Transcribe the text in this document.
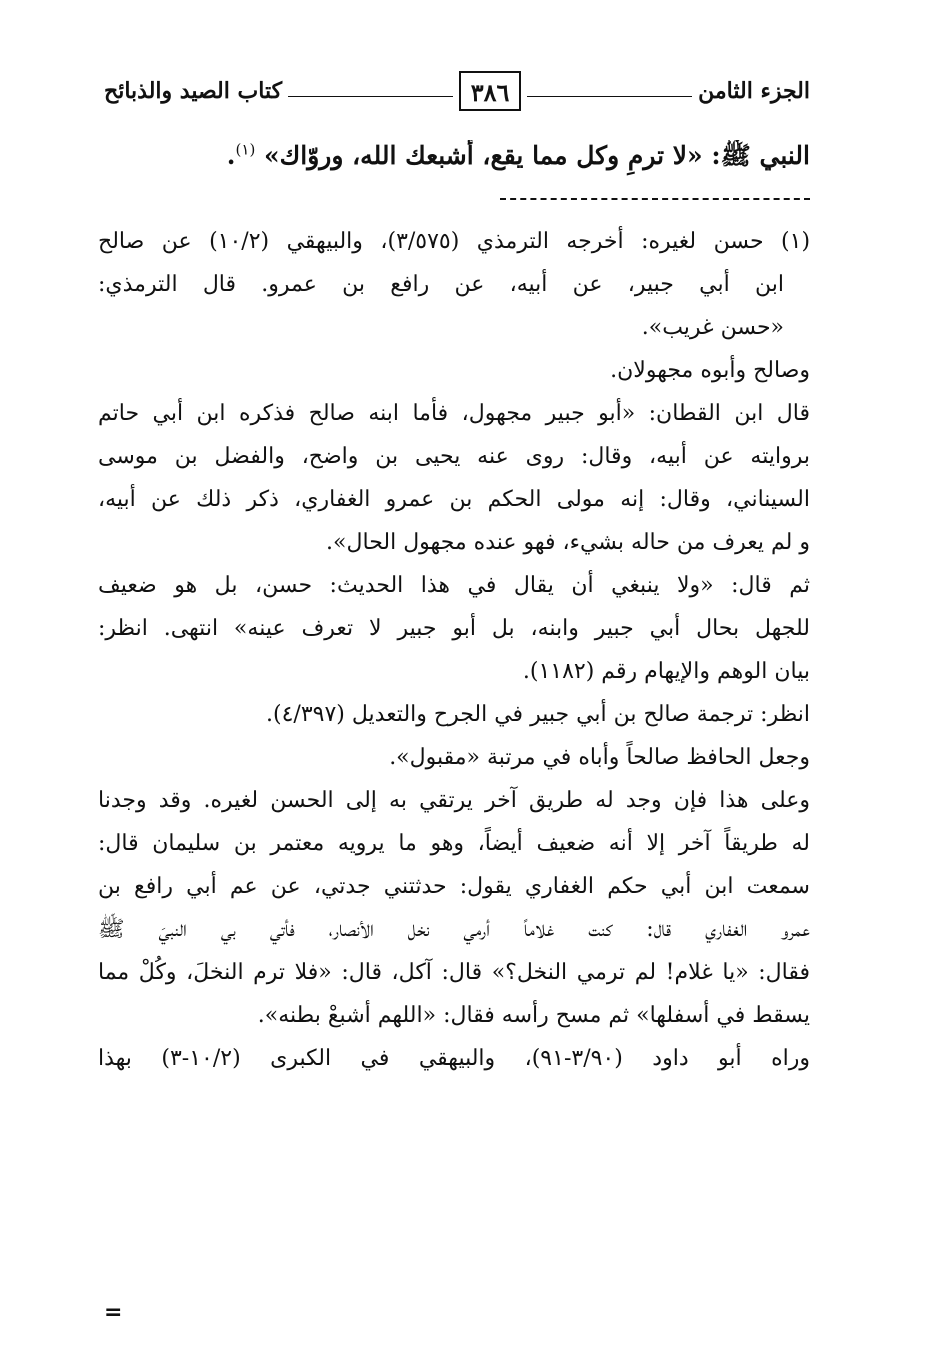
الجزء الثامن
٣٨٦
كتاب الصيد والذبائح
النبي ﷺ: «لا ترمِ وكل مما يقع، أشبعك الله، وروّاك» $^{(١)}$.
(١) حسن لغيره: أخرجه الترمذي (٣/٥٧٥)، والبيهقي (١٠/٢) عن صالح
ابن أبي جبير، عن أبيه، عن رافع بن عمرو. قال الترمذي:
«حسن غريب».
وصالح وأبوه مجهولان.
قال ابن القطان: «أبو جبير مجهول، فأما ابنه صالح فذكره ابن أبي حاتم
بروايته عن أبيه، وقال: روى عنه يحيى بن واضح، والفضل بن موسى
السيناني، وقال: إنه مولى الحكم بن عمرو الغفاري، ذكر ذلك عن أبيه،
و لم يعرف من حاله بشيء، فهو عنده مجهول الحال».
ثم قال: «ولا ينبغي أن يقال في هذا الحديث: حسن، بل هو ضعيف
للجهل بحال أبي جبير وابنه، بل أبو جبير لا تعرف عينه» انتهى. انظر:
بيان الوهم والإيهام رقم (١١٨٢).
انظر: ترجمة صالح بن أبي جبير في الجرح والتعديل (٤/٣٩٧).
وجعل الحافظ صالحاً وأباه في مرتبة «مقبول».
وعلى هذا فإن وجد له طريق آخر يرتقي به إلى الحسن لغيره. وقد وجدنا
له طريقاً آخر إلا أنه ضعيف أيضاً، وهو ما يرويه معتمر بن سليمان قال:
سمعت ابن أبي حكم الغفاري يقول: حدثتني جدتي، عن عم أبي رافع بن
عمرو الغفاري قال: كنت غلاماً أرمي نخل الأنصار، فأتي بي النبيَ ﷺ
فقال: «يا غلام! لم ترمي النخل؟» قال: آكل، قال: «فلا ترم النخلَ، وكُلْ مما
يسقط في أسفلها» ثم مسح رأسه فقال: «اللهم أشبعْ بطنه».
وراه أبو داود (٣/٩٠-٩١)، والبيهقي في الكبرى (١٠/٢-٣) بهذا
=
